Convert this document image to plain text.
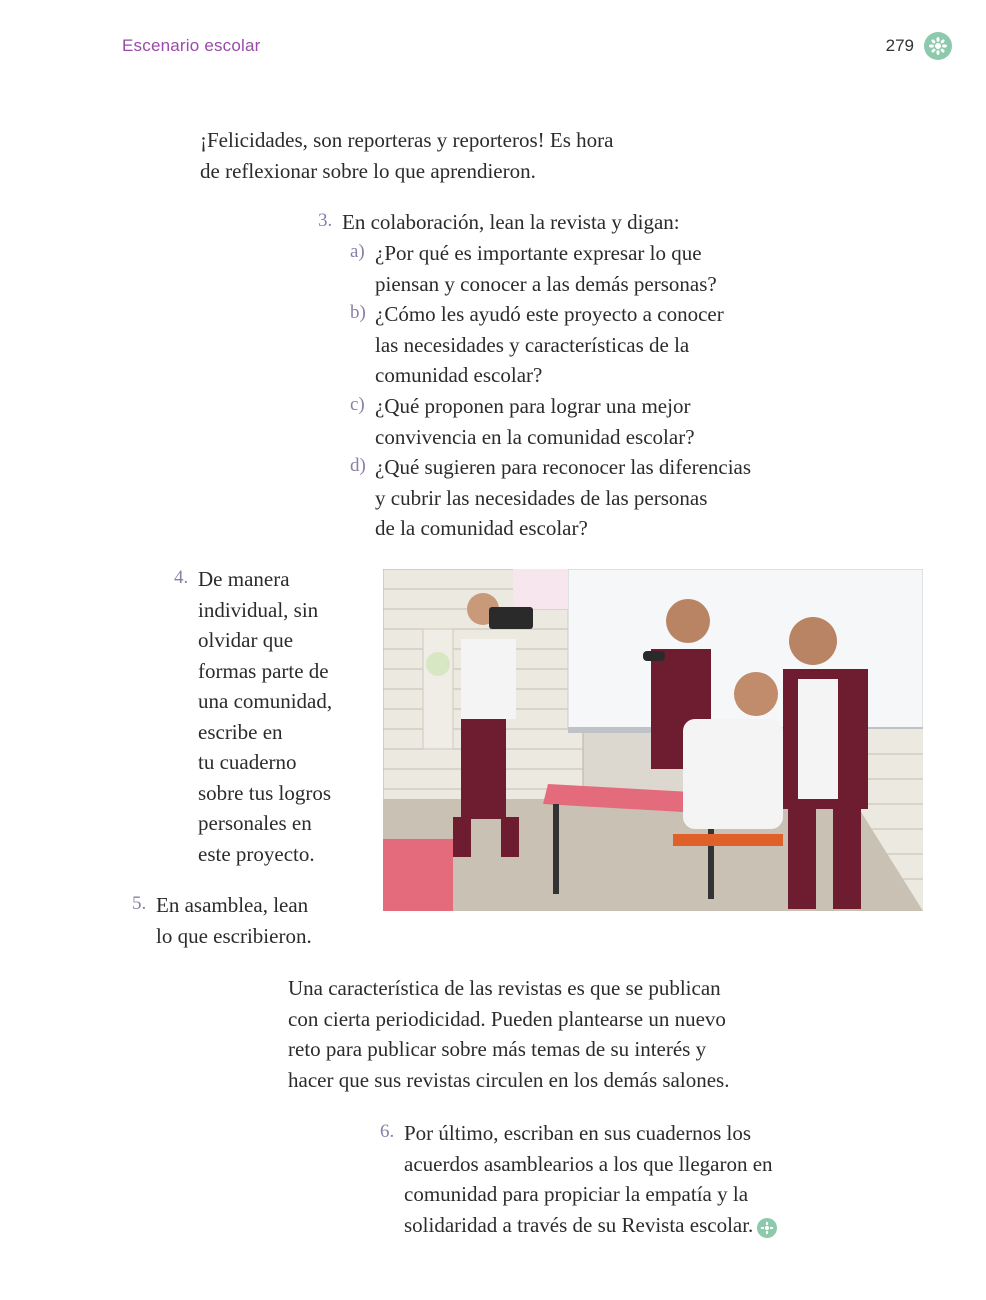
Escenario escolar	279
¡Felicidades, son reporteras y reporteros! Es hora
de reflexionar sobre lo que aprendieron.
3. En colaboración, lean la revista y digan:
a) ¿Por qué es importante expresar lo que
piensan y conocer a las demás personas?
b) ¿Cómo les ayudó este proyecto a conocer
las necesidades y características de la
comunidad escolar?
c) ¿Qué proponen para lograr una mejor
convivencia en la comunidad escolar?
d) ¿Qué sugieren para reconocer las diferencias
y cubrir las necesidades de las personas
de la comunidad escolar?
4. De manera
individual, sin
olvidar que
formas parte de
una comunidad,
escribe en
tu cuaderno
sobre tus logros
personales en
este proyecto.
5. En asamblea, lean
lo que escribieron.
Una característica de las revistas es que se publican
con cierta periodicidad. Pueden plantearse un nuevo
reto para publicar sobre más temas de su interés y
hacer que sus revistas circulen en los demás salones.
6. Por último, escriban en sus cuadernos los
acuerdos asamblearios a los que llegaron en
comunidad para propiciar la empatía y la
solidaridad a través de su Revista escolar.
